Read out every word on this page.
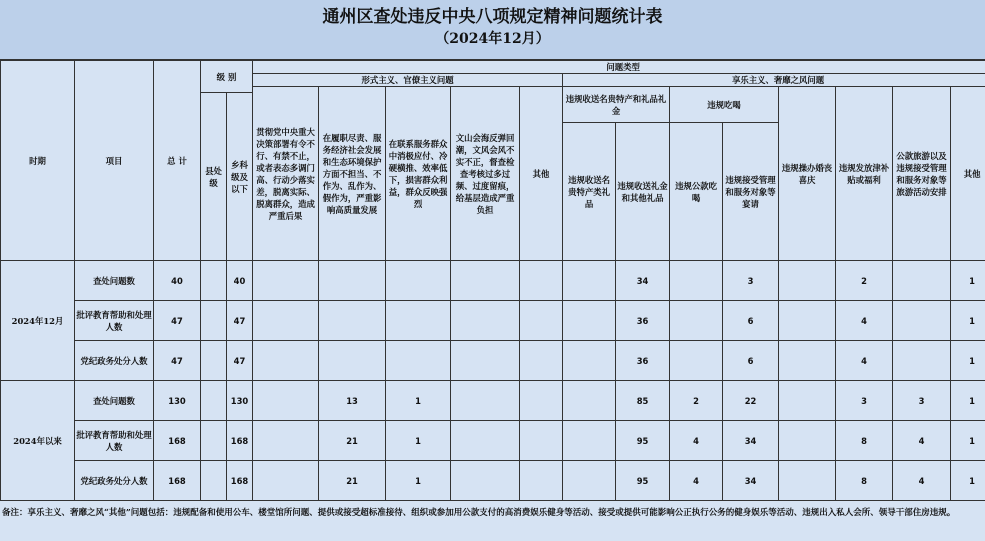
通州区查处违反中央八项规定精神问题统计表
（2024年12月）
时期	项目	总 计	级 别		问题类型												
					形式主义、官僚主义问题					享乐主义、奢靡之风问题							
					贯彻党中央重大决策部署有令不行、有禁不止，或者表态多调门高、行动少落实差，脱离实际、脱离群众，造成严重后果	在履职尽责、服务经济社会发展和生态环境保护方面不担当、不作为、乱作为、假作为，严重影响高质量发展	在联系服务群众中消极应付、冷硬横推、效率低下，损害群众利益，群众反映强烈	文山会海反弹回潮，文风会风不实不正，督查检查考核过多过频、过度留痕，给基层造成严重负担	其他	违规收送名贵特产和礼品礼金		违规吃喝		违规操办婚丧喜庆	违规发放津补贴或福利	公款旅游以及违规接受管理和服务对象等旅游活动安排	其他
			县处级	乡科级及以下													
										违规收送名贵特产类礼品	违规收送礼金和其他礼品	违规公款吃喝	违规接受管理和服务对象等宴请				
2024年12月	查处问题数	40		40							34		3		2		1
	批评教育帮助和处理人数	47		47							36		6		4		1
	党纪政务处分人数	47		47							36		6		4		1
2024年以来	查处问题数	130		130		13	1				85	2	22		3	3	1
	批评教育帮助和处理人数	168		168		21	1				95	4	34		8	4	1
	党纪政务处分人数	168		168		21	1				95	4	34		8	4	1
备注：享乐主义、奢靡之风“其他”问题包括：违规配备和使用公车、楼堂馆所问题、提供或接受超标准接待、组织或参加用公款支付的高消费娱乐健身等活动、接受或提供可能影响公正执行公务的健身娱乐等活动、违规出入私人会所、领导干部住房违规。
